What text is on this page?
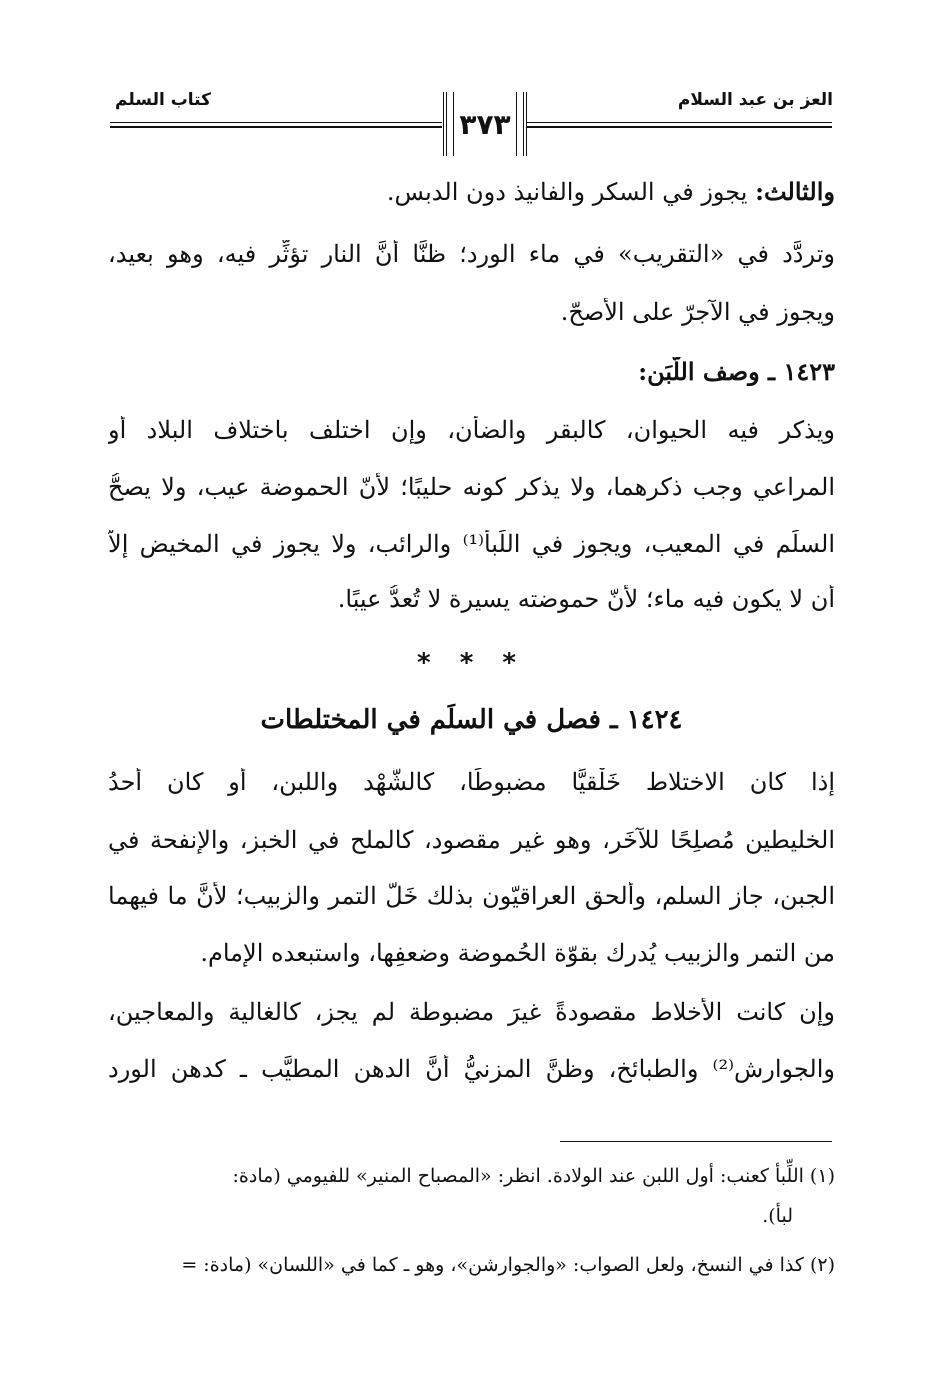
العز بن عبد السلام
كتاب السلم
٣٧٣
والثالث: يجوز في السكر والفانيذ دون الدبس.
وتردَّد في «التقريب» في ماء الورد؛ ظنًّا أنَّ النار تؤثِّر فيه، وهو بعيد،
ويجوز في الآجرّ على الأصحّ.
١٤٢٣ ـ وصف اللَّبَن:
ويذكر فيه الحيوان، كالبقر والضأن، وإن اختلف باختلاف البلاد أو
المراعي وجب ذكرهما، ولا يذكر كونه حليبًا؛ لأنّ الحموضة عيب، ولا يصحُّ
السلَم في المعيب، ويجوز في اللِّبأ⁽¹⁾ والرائب، ولا يجوز في المخيض إلاّ
أن لا يكون فيه ماء؛ لأنّ حموضته يسيرة لا تُعدُّ عيبًا.
* * *
١٤٢٤ ـ فصل في السلَم في المختلطات
إذا كان الاختلاط خَلْقيًّا مضبوطًا، كالشَّهْد واللبن، أو كان أحدُ
الخليطين مُصلِحًا للآخَر، وهو غير مقصود، كالملح في الخبز، والإنفحة في
الجبن، جاز السلم، وألحق العراقيّون بذلك خَلَّ التمر والزبيب؛ لأنَّ ما فيهما
من التمر والزبيب يُدرك بقوّة الحُموضة وضعفِها، واستبعده الإمام.
وإن كانت الأخلاط مقصودةً غيرَ مضبوطة لم يجز، كالغالية والمعاجين،
والجوارش⁽²⁾ والطبائخ، وظنَّ المزنيُّ أنَّ الدهن المطيَّب ـ كدهن الورد
(١) اللِّبأ كعنب: أول اللبن عند الولادة. انظر: «المصباح المنير» للفيومي (مادة:
لبأ).
(٢) كذا في النسخ، ولعل الصواب: «والجوارشن»، وهو ـ كما في «اللسان» (مادة: =
